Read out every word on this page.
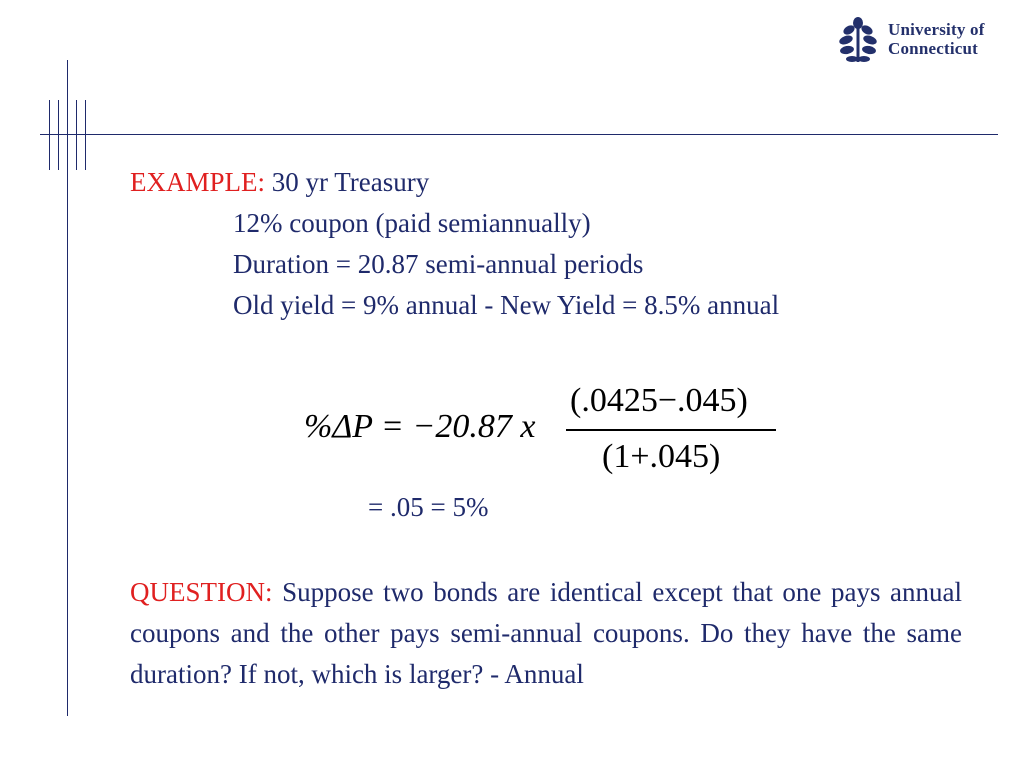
University of
Connecticut
EXAMPLE: 30 yr Treasury
12% coupon (paid semiannually)
Duration = 20.87 semi-annual periods
Old yield = 9% annual - New Yield = 8.5% annual
%ΔP = −20.87 x
(.0425−.045)
(1+.045)
= .05 = 5%
QUESTION: Suppose two bonds are identical except that one pays annual coupons and the other pays semi-annual coupons. Do they have the same duration? If not, which is larger? - Annual
